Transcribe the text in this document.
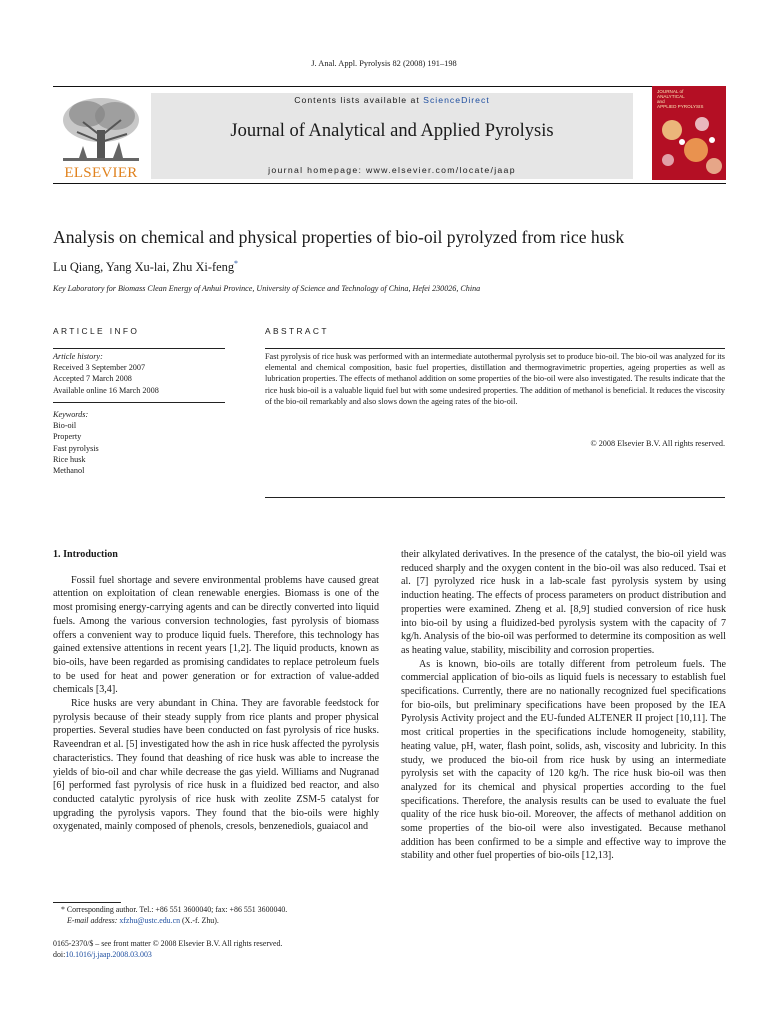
J. Anal. Appl. Pyrolysis 82 (2008) 191–198
ELSEVIER
Contents lists available at ScienceDirect
Journal of Analytical and Applied Pyrolysis
journal homepage: www.elsevier.com/locate/jaap
JOURNAL of
ANALYTICAL
and
APPLIED PYROLYSIS
Analysis on chemical and physical properties of bio-oil pyrolyzed from rice husk
Lu Qiang, Yang Xu-lai, Zhu Xi-feng*
Key Laboratory for Biomass Clean Energy of Anhui Province, University of Science and Technology of China, Hefei 230026, China
ARTICLE INFO	ABSTRACT
Article history:
Received 3 September 2007
Accepted 7 March 2008
Available online 16 March 2008
Keywords:
Bio-oil
Property
Fast pyrolysis
Rice husk
Methanol
Fast pyrolysis of rice husk was performed with an intermediate autothermal pyrolysis set to produce bio-oil. The bio-oil was analyzed for its elemental and chemical composition, basic fuel properties, distillation and thermogravimetric properties, ageing properties as well as lubrication properties. The effects of methanol addition on some properties of the bio-oil were also investigated. The results indicate that the rice husk bio-oil is a valuable liquid fuel but with some undesired properties. The addition of methanol is beneficial. It reduces the viscosity of the bio-oil remarkably and also slows down the ageing rates of the bio-oil.
© 2008 Elsevier B.V. All rights reserved.

1. Introduction

Fossil fuel shortage and severe environmental problems have caused great attention on exploitation of clean renewable energies. Biomass is one of the most promising energy-carrying agents and can be directly converted into liquid fuels. Among the various conversion technologies, fast pyrolysis of biomass offers a convenient way to produce liquid fuels. Therefore, this technology has gained extensive attentions in recent years [1,2]. The liquid products, known as bio-oils, have been regarded as promising candidates to replace petroleum fuels to be used for heat and power generation or for extraction of value-added chemicals [3,4].

Rice husks are very abundant in China. They are favorable feedstock for pyrolysis because of their steady supply from rice plants and proper physical properties. Several studies have been conducted on fast pyrolysis of rice husks. Raveendran et al. [5] investigated how the ash in rice husk affected the pyrolysis characteristics. They found that deashing of rice husk was able to increase the yields of bio-oil and char while decrease the gas yield. Williams and Nugranad [6] performed fast pyrolysis of rice husk in a fluidized bed reactor, and also conducted catalytic pyrolysis of rice husk with zeolite ZSM-5 catalyst for upgrading the pyrolysis vapors. They found that the bio-oils were highly oxygenated, mainly composed of phenols, cresols, benzenediols, guaiacol and

their alkylated derivatives. In the presence of the catalyst, the bio-oil yield was reduced sharply and the oxygen content in the bio-oil was also reduced. Tsai et al. [7] pyrolyzed rice husk in a lab-scale fast pyrolysis system by using induction heating. The effects of process parameters on product distribution and properties were examined. Zheng et al. [8,9] studied conversion of rice husk into bio-oil by using a fluidized-bed pyrolysis system with the capacity of 7 kg/h. Analysis of the bio-oil was performed to determine its composition as well as heating value, stability, miscibility and corrosion properties.

As is known, bio-oils are totally different from petroleum fuels. The commercial application of bio-oils as liquid fuels is necessary to establish fuel specifications. Currently, there are no nationally recognized fuel specifications for bio-oils, but preliminary specifications have been proposed by the IEA Pyrolysis Activity project and the EU-funded ALTENER II project [10,11]. The most critical properties in the specifications include homogeneity, stability, heating value, pH, water, flash point, solids, ash, viscosity and lubricity. In this study, we produced the bio-oil from rice husk by using an intermediate pyrolysis set with the capacity of 120 kg/h. The rice husk bio-oil was then analyzed for its chemical and physical properties according to the fuel specifications. Therefore, the analysis results can be used to evaluate the fuel quality of the rice husk bio-oil. Moreover, the affects of methanol addition on some properties of the bio-oil were also investigated. Because methanol addition has been confirmed to be a simple and effective way to improve the stability and other fuel properties of bio-oils [12,13].

* Corresponding author. Tel.: +86 551 3600040; fax: +86 551 3600040.
E-mail address: xfzhu@ustc.edu.cn (X.-f. Zhu).
0165-2370/$ – see front matter © 2008 Elsevier B.V. All rights reserved.
doi:10.1016/j.jaap.2008.03.003
